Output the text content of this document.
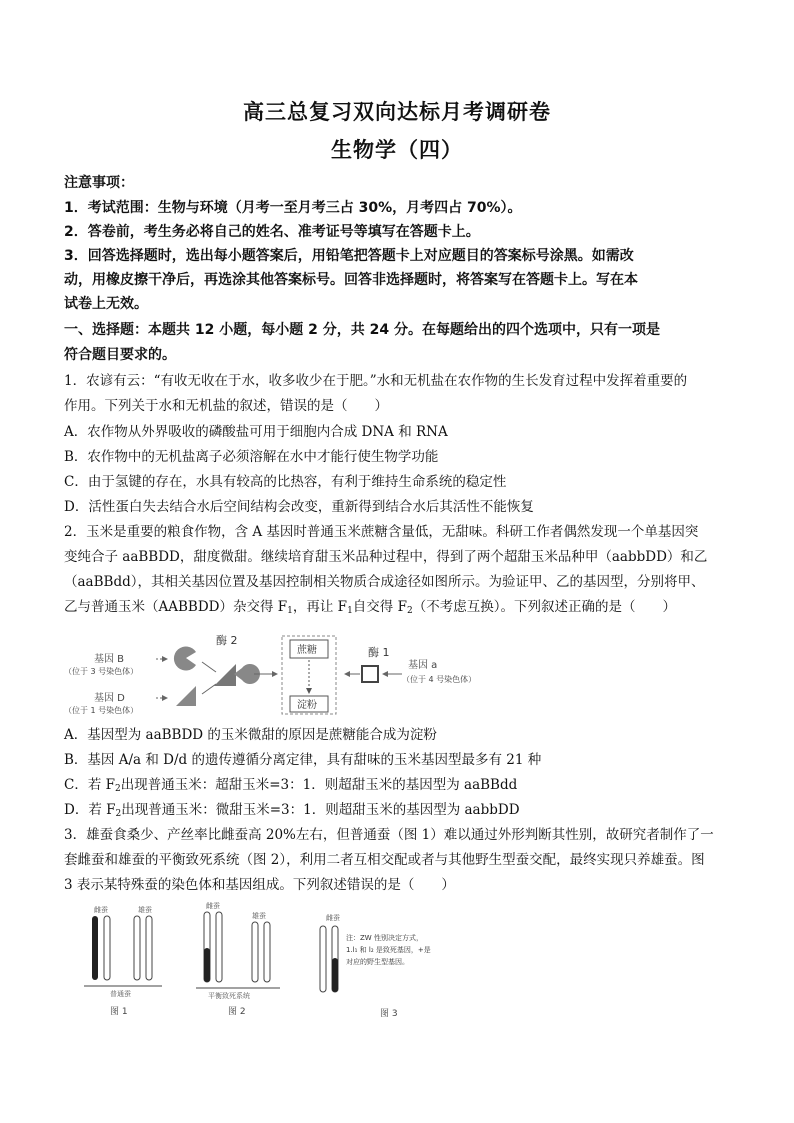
高三总复习双向达标月考调研卷
生物学（四）
注意事项：
1．考试范围：生物与环境（月考一至月考三占 30%，月考四占 70%）。
2．答卷前，考生务必将自己的姓名、准考证号等填写在答题卡上。
3．回答选择题时，选出每小题答案后，用铅笔把答题卡上对应题目的答案标号涂黑。如需改
动，用橡皮擦干净后，再选涂其他答案标号。回答非选择题时，将答案写在答题卡上。写在本
试卷上无效。
一、选择题：本题共 12 小题，每小题 2 分，共 24 分。在每题给出的四个选项中，只有一项是
符合题目要求的。
1．农谚有云：“有收无收在于水，收多收少在于肥。”水和无机盐在农作物的生长发育过程中发挥着重要的
作用。下列关于水和无机盐的叙述，错误的是（　　）
A．农作物从外界吸收的磷酸盐可用于细胞内合成 DNA 和 RNA
B．农作物中的无机盐离子必须溶解在水中才能行使生物学功能
C．由于氢键的存在，水具有较高的比热容，有利于维持生命系统的稳定性
D．活性蛋白失去结合水后空间结构会改变，重新得到结合水后其活性不能恢复
2．玉米是重要的粮食作物，含 A 基因时普通玉米蔗糖含量低，无甜味。科研工作者偶然发现一个单基因突
变纯合子 aaBBDD，甜度微甜。继续培育甜玉米品种过程中，得到了两个超甜玉米品种甲（aabbDD）和乙
（aaBBdd），其相关基因位置及基因控制相关物质合成途径如图所示。为验证甲、乙的基因型，分别将甲、
乙与普通玉米（AABBDD）杂交得 $F_1$，再让 $F_1$自交得 $F_2$（不考虑互换）。下列叙述正确的是（　　）
基因 B
（位于 3 号染色体）
基因 D
（位于 1 号染色体）
酶 2
蔗糖
淀粉
酶 1
基因 a
（位于 4 号染色体）
A．基因型为 aaBBDD 的玉米微甜的原因是蔗糖能合成为淀粉
B．基因 A/a 和 D/d 的遗传遵循分离定律，具有甜味的玉米基因型最多有 21 种
C．若 $F_2$出现普通玉米：超甜玉米=3：1．则超甜玉米的基因型为 aaBBdd
D．若 $F_2$出现普通玉米：微甜玉米=3：1．则超甜玉米的基因型为 aabbDD
3．雄蚕食桑少、产丝率比雌蚕高 20%左右，但普通蚕（图 1）难以通过外形判断其性别，故研究者制作了一
套雌蚕和雄蚕的平衡致死系统（图 2），利用二者互相交配或者与其他野生型蚕交配，最终实现只养雄蚕。图
3 表示某特殊蚕的染色体和基因组成。下列叙述错误的是（　　）
雌蚕	雄蚕
普通蚕
图 1
雌蚕
雄蚕
平衡致死系统
图 2
雌蚕
注：ZW 性别决定方式，
1.l₁ 和 l₂ 是致死基因，+是
对应的野生型基因。
图 3
